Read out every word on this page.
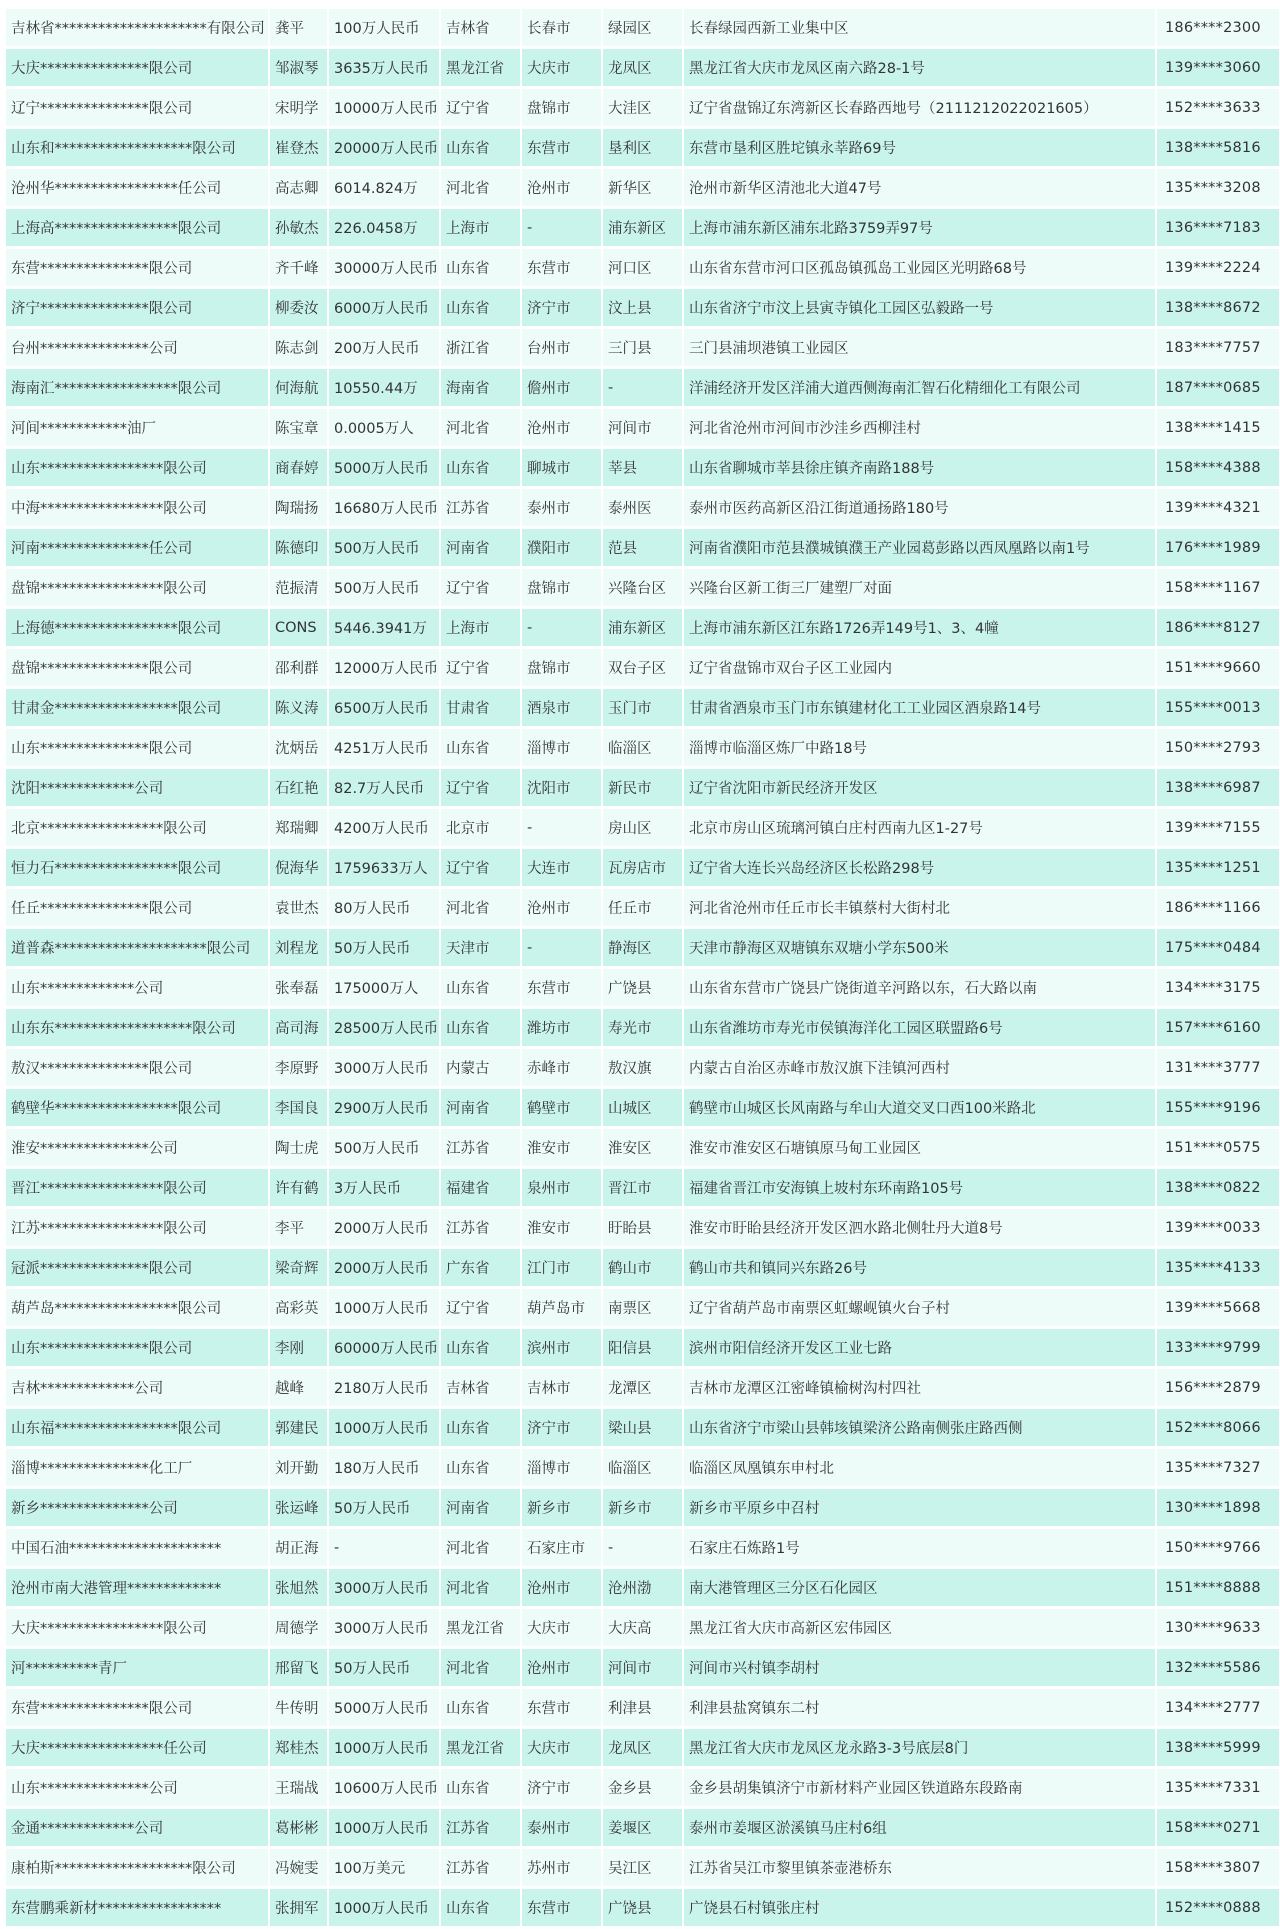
吉林省*********************有限公司	龚平	100万人民币	吉林省	长春市	绿园区	长春绿园西新工业集中区	186****2300
大庆***************限公司	邹淑琴	3635万人民币	黑龙江省	大庆市	龙凤区	黑龙江省大庆市龙凤区南六路28-1号	139****3060
辽宁***************限公司	宋明学	10000万人民币	辽宁省	盘锦市	大洼区	辽宁省盘锦辽东湾新区长春路西地号（2111212022021605）	152****3633
山东和*******************限公司	崔登杰	20000万人民币	山东省	东营市	垦利区	东营市垦利区胜坨镇永莘路69号	138****5816
沧州华*****************任公司	高志卿	6014.824万	河北省	沧州市	新华区	沧州市新华区清池北大道47号	135****3208
上海高*****************限公司	孙敏杰	226.0458万	上海市	-	浦东新区	上海市浦东新区浦东北路3759弄97号	136****7183
东营***************限公司	齐千峰	30000万人民币	山东省	东营市	河口区	山东省东营市河口区孤岛镇孤岛工业园区光明路68号	139****2224
济宁***************限公司	柳委汝	6000万人民币	山东省	济宁市	汶上县	山东省济宁市汶上县寅寺镇化工园区弘毅路一号	138****8672
台州***************公司	陈志剑	200万人民币	浙江省	台州市	三门县	三门县浦坝港镇工业园区	183****7757
海南汇*****************限公司	何海航	10550.44万	海南省	儋州市	-	洋浦经济开发区洋浦大道西侧海南汇智石化精细化工有限公司	187****0685
河间************油厂	陈宝章	0.0005万人	河北省	沧州市	河间市	河北省沧州市河间市沙洼乡西柳洼村	138****1415
山东*****************限公司	商春婷	5000万人民币	山东省	聊城市	莘县	山东省聊城市莘县徐庄镇齐南路188号	158****4388
中海*****************限公司	陶瑞扬	16680万人民币	江苏省	泰州市	泰州医	泰州市医药高新区沿江街道通扬路180号	139****4321
河南***************任公司	陈德印	500万人民币	河南省	濮阳市	范县	河南省濮阳市范县濮城镇濮王产业园葛彭路以西凤凰路以南1号	176****1989
盘锦*****************限公司	范振清	500万人民币	辽宁省	盘锦市	兴隆台区	兴隆台区新工街三厂建塑厂对面	158****1167
上海德*****************限公司	CONS	5446.3941万	上海市	-	浦东新区	上海市浦东新区江东路1726弄149号1、3、4幢	186****8127
盘锦***************限公司	邵利群	12000万人民币	辽宁省	盘锦市	双台子区	辽宁省盘锦市双台子区工业园内	151****9660
甘肃金*****************限公司	陈义涛	6500万人民币	甘肃省	酒泉市	玉门市	甘肃省酒泉市玉门市东镇建材化工工业园区酒泉路14号	155****0013
山东***************限公司	沈炳岳	4251万人民币	山东省	淄博市	临淄区	淄博市临淄区炼厂中路18号	150****2793
沈阳*************公司	石红艳	82.7万人民币	辽宁省	沈阳市	新民市	辽宁省沈阳市新民经济开发区	138****6987
北京*****************限公司	郑瑞卿	4200万人民币	北京市	-	房山区	北京市房山区琉璃河镇白庄村西南九区1-27号	139****7155
恒力石*****************限公司	倪海华	1759633万人	辽宁省	大连市	瓦房店市	辽宁省大连长兴岛经济区长松路298号	135****1251
任丘***************限公司	袁世杰	80万人民币	河北省	沧州市	任丘市	河北省沧州市任丘市长丰镇蔡村大街村北	186****1166
道普森*********************限公司	刘程龙	50万人民币	天津市	-	静海区	天津市静海区双塘镇东双塘小学东500米	175****0484
山东*************公司	张奉磊	175000万人	山东省	东营市	广饶县	山东省东营市广饶县广饶街道辛河路以东，石大路以南	134****3175
山东东*******************限公司	高司海	28500万人民币	山东省	潍坊市	寿光市	山东省潍坊市寿光市侯镇海洋化工园区联盟路6号	157****6160
敖汉***************限公司	李原野	3000万人民币	内蒙古	赤峰市	敖汉旗	内蒙古自治区赤峰市敖汉旗下洼镇河西村	131****3777
鹤壁华*****************限公司	李国良	2900万人民币	河南省	鹤壁市	山城区	鹤壁市山城区长风南路与牟山大道交叉口西100米路北	155****9196
淮安***************公司	陶士虎	500万人民币	江苏省	淮安市	淮安区	淮安市淮安区石塘镇原马甸工业园区	151****0575
晋江*****************限公司	许有鹤	3万人民币	福建省	泉州市	晋江市	福建省晋江市安海镇上坡村东环南路105号	138****0822
江苏*****************限公司	李平	2000万人民币	江苏省	淮安市	盱眙县	淮安市盱眙县经济开发区泗水路北侧牡丹大道8号	139****0033
冠派***************限公司	梁奇辉	2000万人民币	广东省	江门市	鹤山市	鹤山市共和镇同兴东路26号	135****4133
葫芦岛*****************限公司	高彩英	1000万人民币	辽宁省	葫芦岛市	南票区	辽宁省葫芦岛市南票区虹螺岘镇火台子村	139****5668
山东***************限公司	李刚	60000万人民币	山东省	滨州市	阳信县	滨州市阳信经济开发区工业七路	133****9799
吉林*************公司	越峰	2180万人民币	吉林省	吉林市	龙潭区	吉林市龙潭区江密峰镇榆树沟村四社	156****2879
山东福*****************限公司	郭建民	1000万人民币	山东省	济宁市	梁山县	山东省济宁市梁山县韩垓镇梁济公路南侧张庄路西侧	152****8066
淄博***************化工厂	刘开勤	180万人民币	山东省	淄博市	临淄区	临淄区凤凰镇东申村北	135****7327
新乡***************公司	张运峰	50万人民币	河南省	新乡市	新乡市	新乡市平原乡中召村	130****1898
中国石油*********************	胡正海	-	河北省	石家庄市	-	石家庄石炼路1号	150****9766
沧州市南大港管理*************	张旭然	3000万人民币	河北省	沧州市	沧州渤	南大港管理区三分区石化园区	151****8888
大庆*****************限公司	周德学	3000万人民币	黑龙江省	大庆市	大庆高	黑龙江省大庆市高新区宏伟园区	130****9633
河**********青厂	邢留飞	50万人民币	河北省	沧州市	河间市	河间市兴村镇李胡村	132****5586
东营***************限公司	牛传明	5000万人民币	山东省	东营市	利津县	利津县盐窝镇东二村	134****2777
大庆*****************任公司	郑桂杰	1000万人民币	黑龙江省	大庆市	龙凤区	黑龙江省大庆市龙凤区龙永路3-3号底层8门	138****5999
山东***************公司	王瑞战	10600万人民币	山东省	济宁市	金乡县	金乡县胡集镇济宁市新材料产业园区铁道路东段路南	135****7331
金通*************公司	葛彬彬	1000万人民币	江苏省	泰州市	姜堰区	泰州市姜堰区淤溪镇马庄村6组	158****0271
康柏斯*******************限公司	冯婉雯	100万美元	江苏省	苏州市	吴江区	江苏省吴江市黎里镇茶壶港桥东	158****3807
东营鹏乘新材*****************	张拥军	1000万人民币	山东省	东营市	广饶县	广饶县石村镇张庄村	152****0888
